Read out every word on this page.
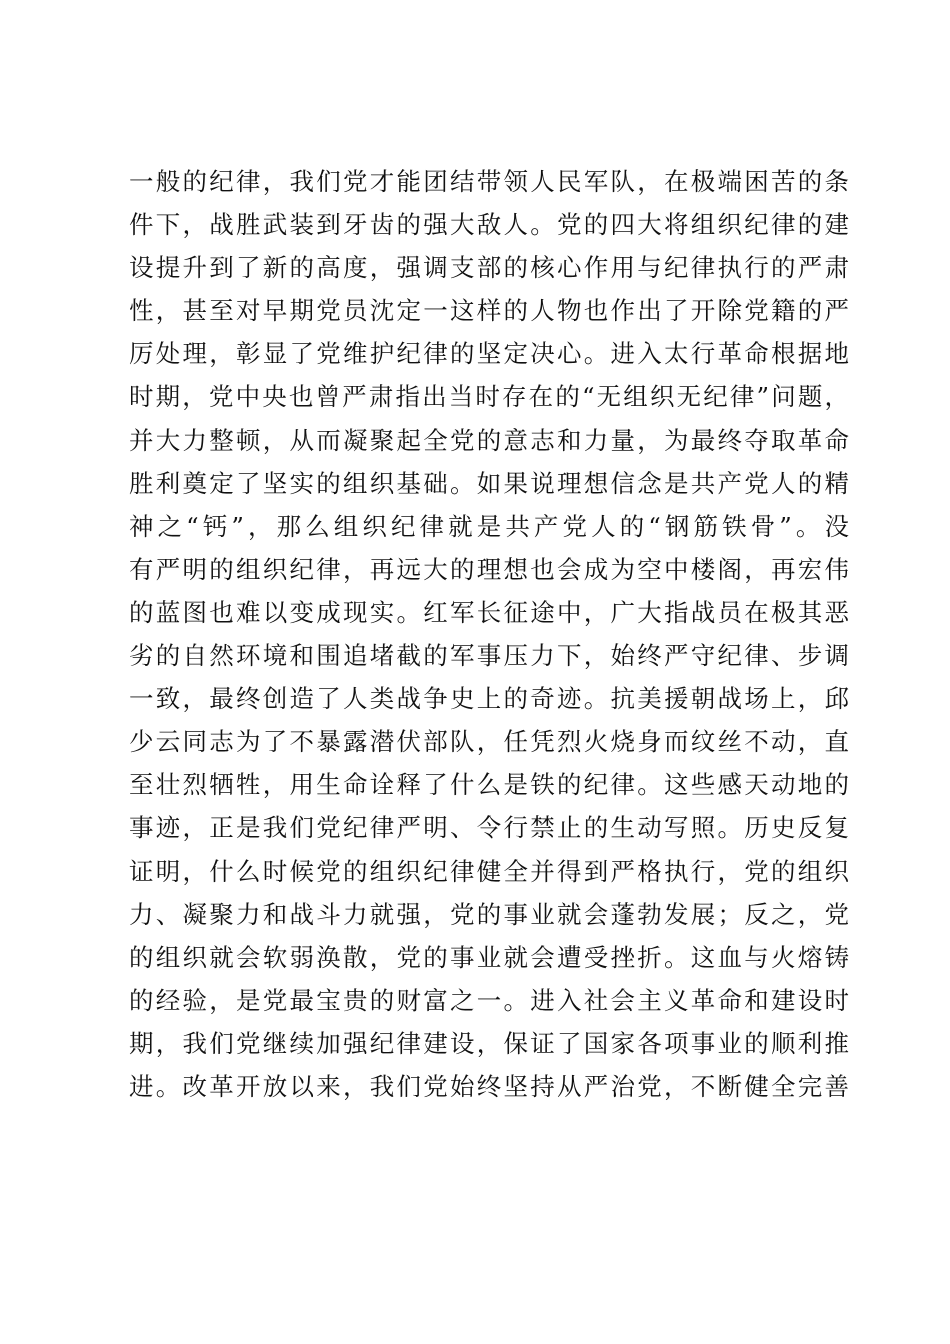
一般的纪律，我们党才能团结带领人民军队，在极端困苦的条
件下，战胜武装到牙齿的强大敌人。党的四大将组织纪律的建
设提升到了新的高度，强调支部的核心作用与纪律执行的严肃
性，甚至对早期党员沈定一这样的人物也作出了开除党籍的严
厉处理，彰显了党维护纪律的坚定决心。进入太行革命根据地
时期，党中央也曾严肃指出当时存在的“无组织无纪律”问题，
并大力整顿，从而凝聚起全党的意志和力量，为最终夺取革命
胜利奠定了坚实的组织基础。如果说理想信念是共产党人的精
神之“钙”，那么组织纪律就是共产党人的“钢筋铁骨”。没
有严明的组织纪律，再远大的理想也会成为空中楼阁，再宏伟
的蓝图也难以变成现实。红军长征途中，广大指战员在极其恶
劣的自然环境和围追堵截的军事压力下，始终严守纪律、步调
一致，最终创造了人类战争史上的奇迹。抗美援朝战场上，邱
少云同志为了不暴露潜伏部队，任凭烈火烧身而纹丝不动，直
至壮烈牺牲，用生命诠释了什么是铁的纪律。这些感天动地的
事迹，正是我们党纪律严明、令行禁止的生动写照。历史反复
证明，什么时候党的组织纪律健全并得到严格执行，党的组织
力、凝聚力和战斗力就强，党的事业就会蓬勃发展；反之，党
的组织就会软弱涣散，党的事业就会遭受挫折。这血与火熔铸
的经验，是党最宝贵的财富之一。进入社会主义革命和建设时
期，我们党继续加强纪律建设，保证了国家各项事业的顺利推
进。改革开放以来，我们党始终坚持从严治党，不断健全完善
